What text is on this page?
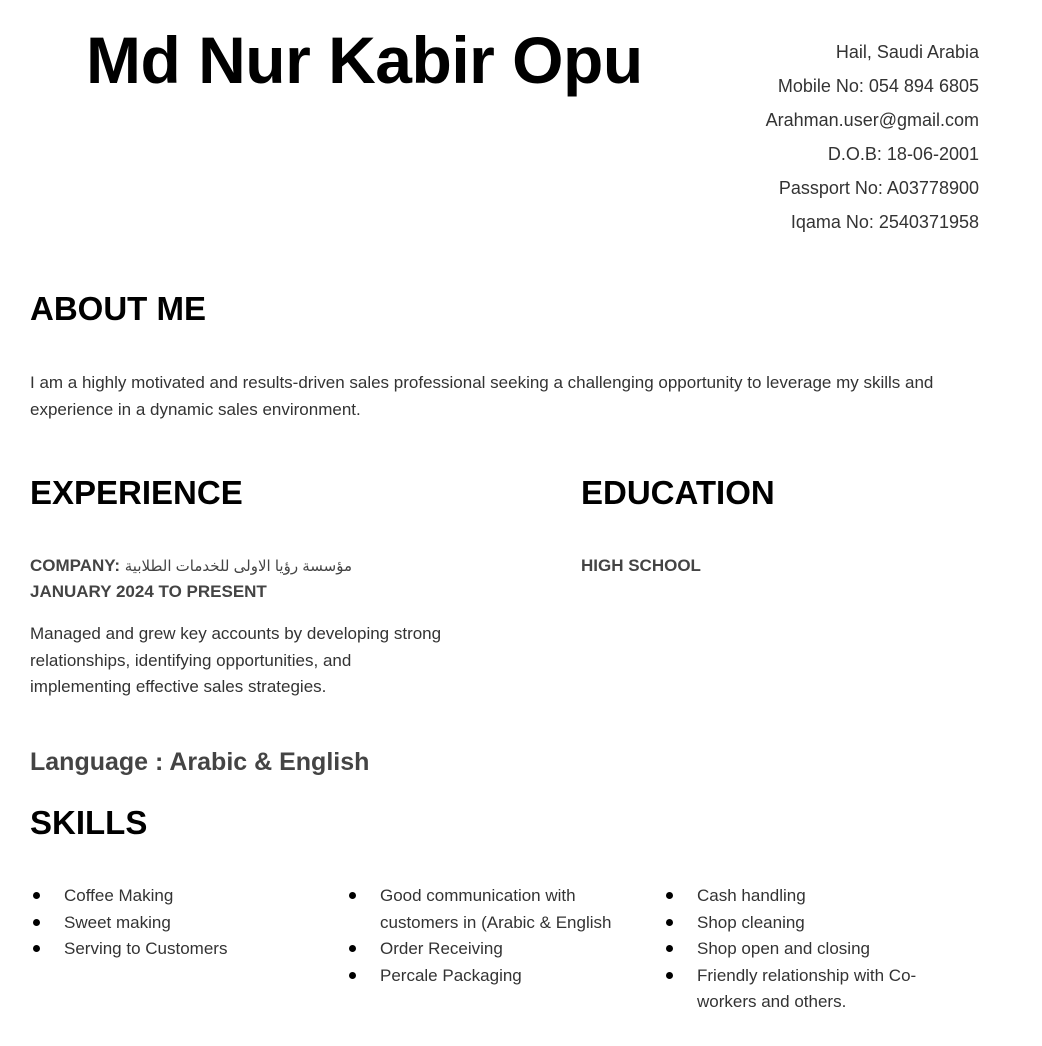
Md Nur Kabir Opu	Hail, Saudi Arabia
Mobile No: 054 894 6805
Arahman.user@gmail.com
D.O.B: 18-06-2001
Passport No: A03778900
Iqama No: 2540371958
ABOUT ME

I am a highly motivated and results-driven sales professional seeking a challenging opportunity to leverage my skills and experience in a dynamic sales environment.

EXPERIENCE
COMPANY: مؤسسة رؤيا الاولى للخدمات الطلابية
JANUARY 2024 TO PRESENT

Managed and grew key accounts by developing strong relationships, identifying opportunities, and implementing effective sales strategies.

EDUCATION
HIGH SCHOOL
Language : Arabic & English
SKILLS
Coffee Making
Sweet making
Serving to Customers
Good communication with customers in (Arabic & English
Order Receiving
Percale Packaging
Cash handling
Shop cleaning
Shop open and closing
Friendly relationship with Co-workers and others.
